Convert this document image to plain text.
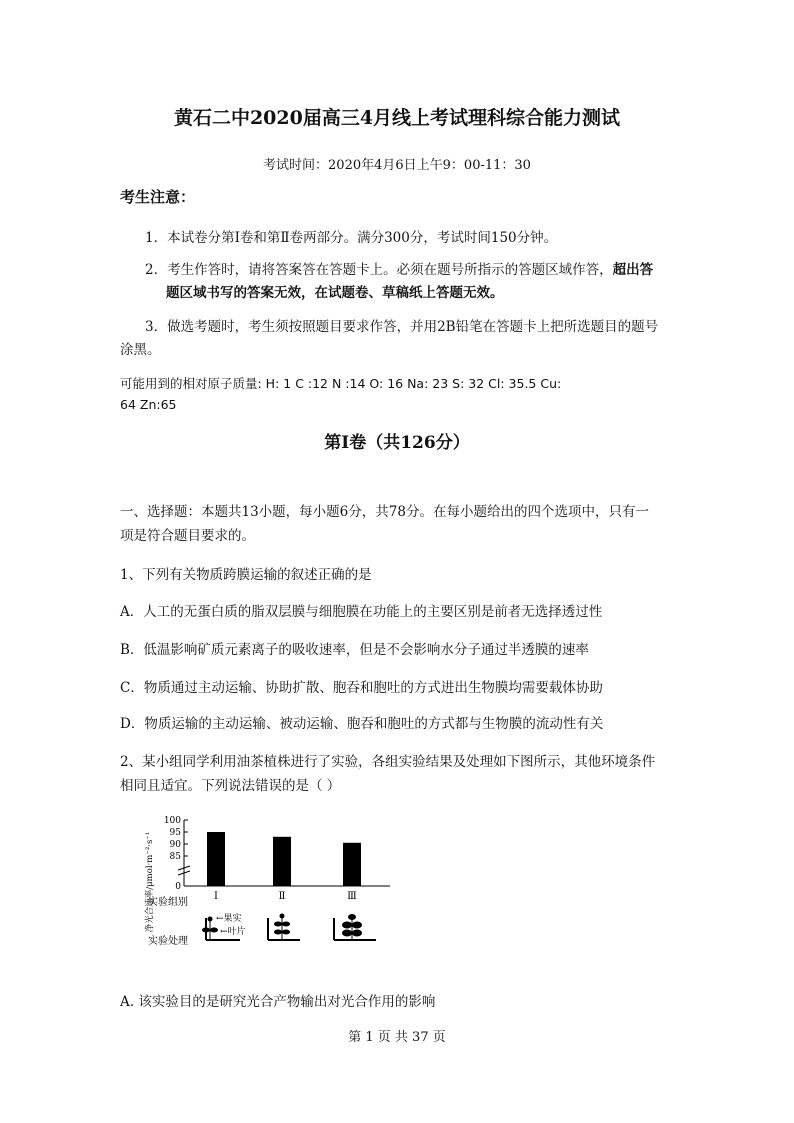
黄石二中2020届高三4月线上考试理科综合能力测试
考试时间：2020年4月6日上午9：00-11：30
考生注意：
1．本试卷分第Ⅰ卷和第Ⅱ卷两部分。满分300分，考试时间150分钟。
2．考生作答时，请将答案答在答题卡上。必须在题号所指示的答题区域作答，超出答
题区域书写的答案无效，在试题卷、草稿纸上答题无效。
3．做选考题时，考生须按照题目要求作答，并用2B铅笔在答题卡上把所选题目的题号
涂黑。
可能用到的相对原子质量: H: 1 C :12 N :14 O: 16 Na: 23 S: 32 Cl: 35.5 Cu:
64 Zn:65
第I卷（共126分）
一、选择题：本题共13小题，每小题6分，共78分。在每小题给出的四个选项中，只有一
项是符合题目要求的。
1、下列有关物质跨膜运输的叙述正确的是
A．人工的无蛋白质的脂双层膜与细胞膜在功能上的主要区别是前者无选择透过性
B．低温影响矿质元素离子的吸收速率，但是不会影响水分子通过半透膜的速率
C．物质通过主动运输、协助扩散、胞吞和胞吐的方式进出生物膜均需要载体协助
D．物质运输的主动运输、被动运输、胞吞和胞吐的方式都与生物膜的流动性有关
2、某小组同学利用油茶植株进行了实验，各组实验结果及处理如下图所示，其他环境条件
相同且适宜。下列说法错误的是（ ）
净光合速率/μmol·m⁻²·s⁻¹
100
95
90
85
0
Ⅰ	Ⅱ	Ⅲ
实验组别
←果实
←叶片
实验处理
A. 该实验目的是研究光合产物输出对光合作用的影响
第 1 页 共 37 页
